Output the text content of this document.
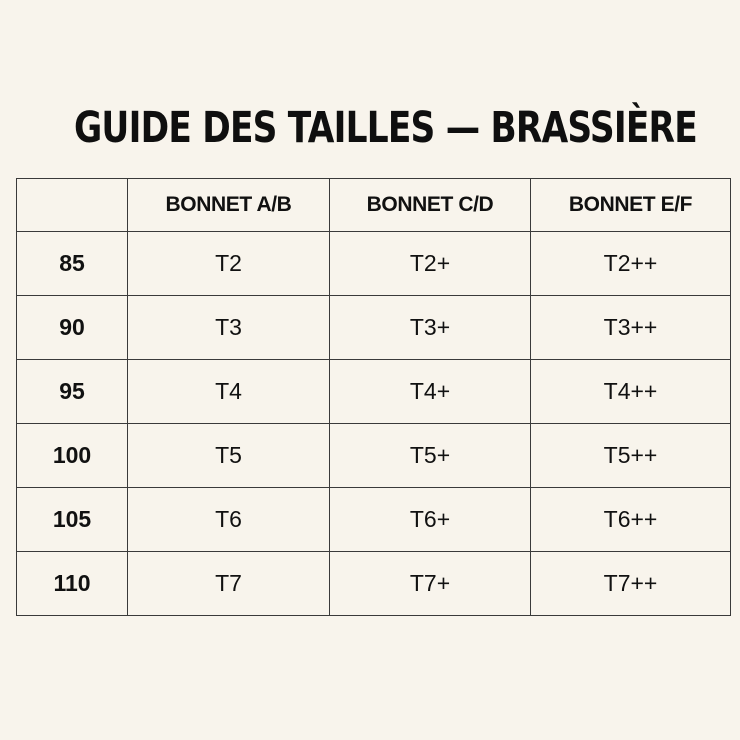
GUIDE DES TAILLES — BRASSIÈRE
	BONNET A/B	BONNET C/D	BONNET E/F
85	T2	T2+	T2++
90	T3	T3+	T3++
95	T4	T4+	T4++
100	T5	T5+	T5++
105	T6	T6+	T6++
110	T7	T7+	T7++
